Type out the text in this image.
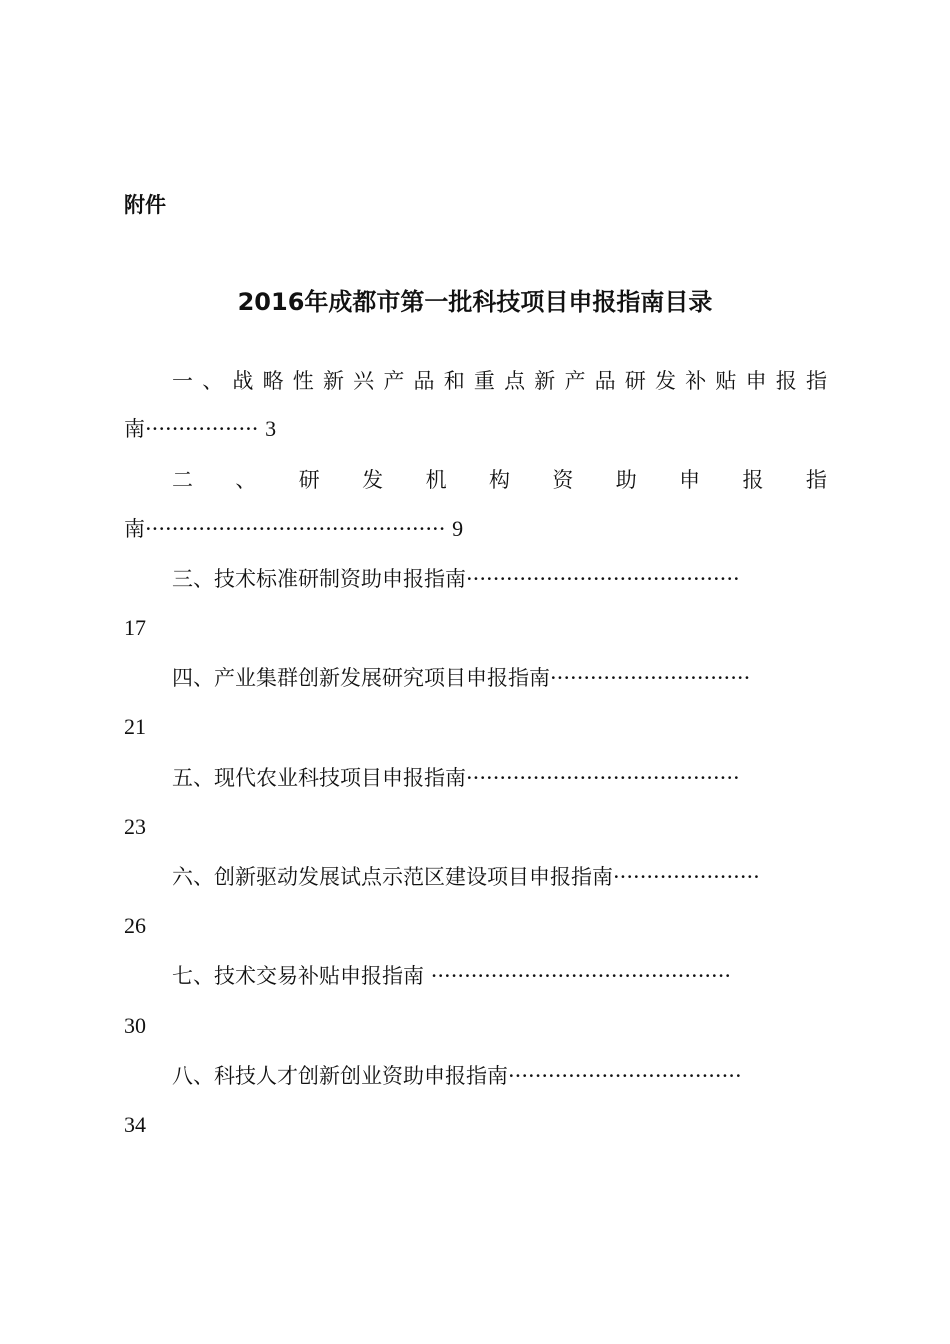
附件
2016年成都市第一批科技项目申报指南目录
一 、 战 略 性 新 兴 产 品 和 重 点 新 产 品 研 发 补 贴 申 报 指
南················· 3
二 、 研 发 机 构 资 助 申 报 指
南············································· 9
三、技术标准研制资助申报指南 ·········································
17
四、产业集群创新发展研究项目申报指南 ······························
21
五、现代农业科技项目申报指南 ·········································
23
六、创新驱动发展试点示范区建设项目申报指南 ······················
26
七、技术交易补贴申报指南 ·············································
30
八、科技人才创新创业资助申报指南 ···································
34
